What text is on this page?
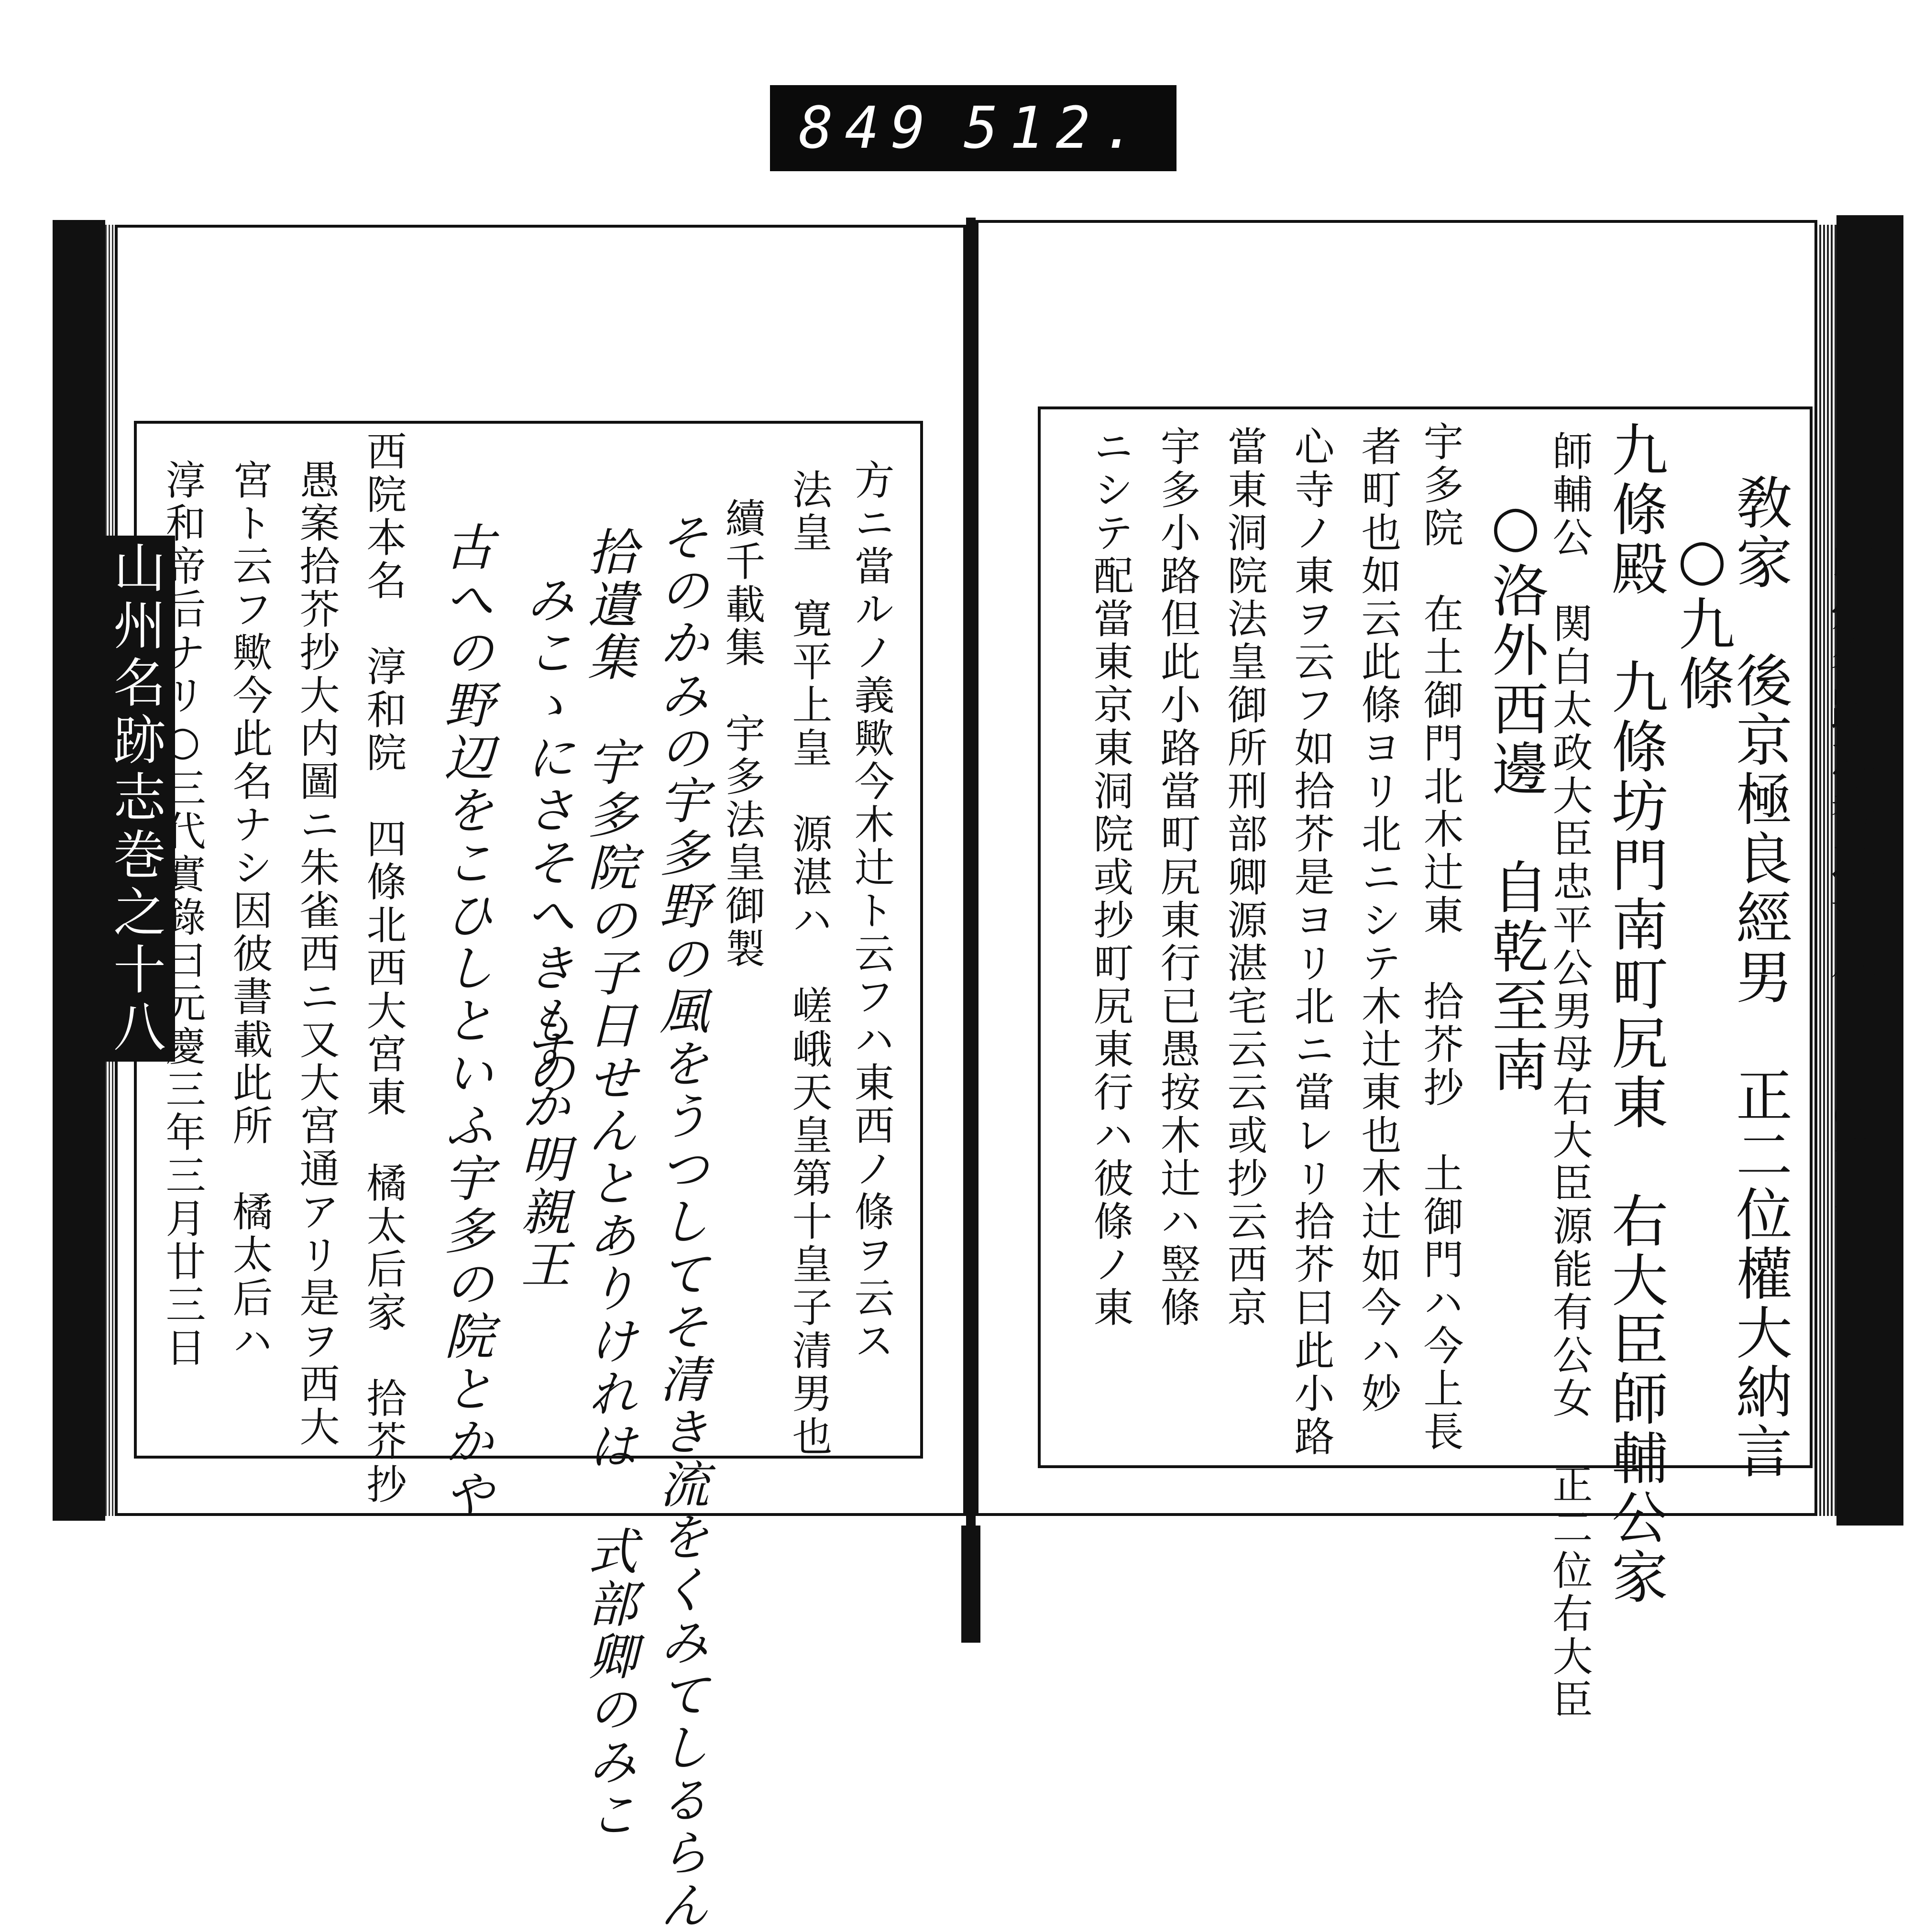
849 512.
山州名跡志巻之十八	山州名跡志巻之十八
○卅五
敎家　後京極良經男　正二位權大納言
○九條
九條殿　九條坊門南町尻東　右大臣師輔公家
師輔公　関白太政大臣忠平公男母右大臣源能有公女　正二位右大臣
○洛外西邊　自乾至南
宇多院　在土御門北木辻東　拾芥抄　土御門ハ今上長
者町也如云此條ヨリ北ニシテ木辻東也木辻如今ハ妙
心寺ノ東ヲ云フ如拾芥是ヨリ北ニ當レリ拾芥曰此小路
當東洞院法皇御所刑部卿源湛宅云云或抄云西京
宇多小路但此小路當町尻東行已愚按木辻ハ竪條
ニシテ配當東京東洞院或抄町尻東行ハ彼條ノ東
方ニ當ルノ義歟今木辻ト云フハ東西ノ條ヲ云ス
法皇　寛平上皇　源湛ハ　嵯峨天皇第十皇子清男也
續千載集　宇多法皇御製
そのかみの宇多野の風をうつしてそ清き流をくみてしるらん
拾遺集　宇多院の子日せんとありけれは　式部卿のみこ
みこゝにさそへきもの
すか明親王
古への野辺をこひしといふ宇多の院とかや
西院本名　淳和院　四條北西大宮東　橘太后家　拾芥抄
愚案拾芥抄大内圖ニ朱雀西ニ又大宮通アリ是ヲ西大
宮ト云フ歟今此名ナシ因彼書載此所　橘太后ハ
淳和帝后ナリ○三代實錄曰元慶三年三月廿三日
